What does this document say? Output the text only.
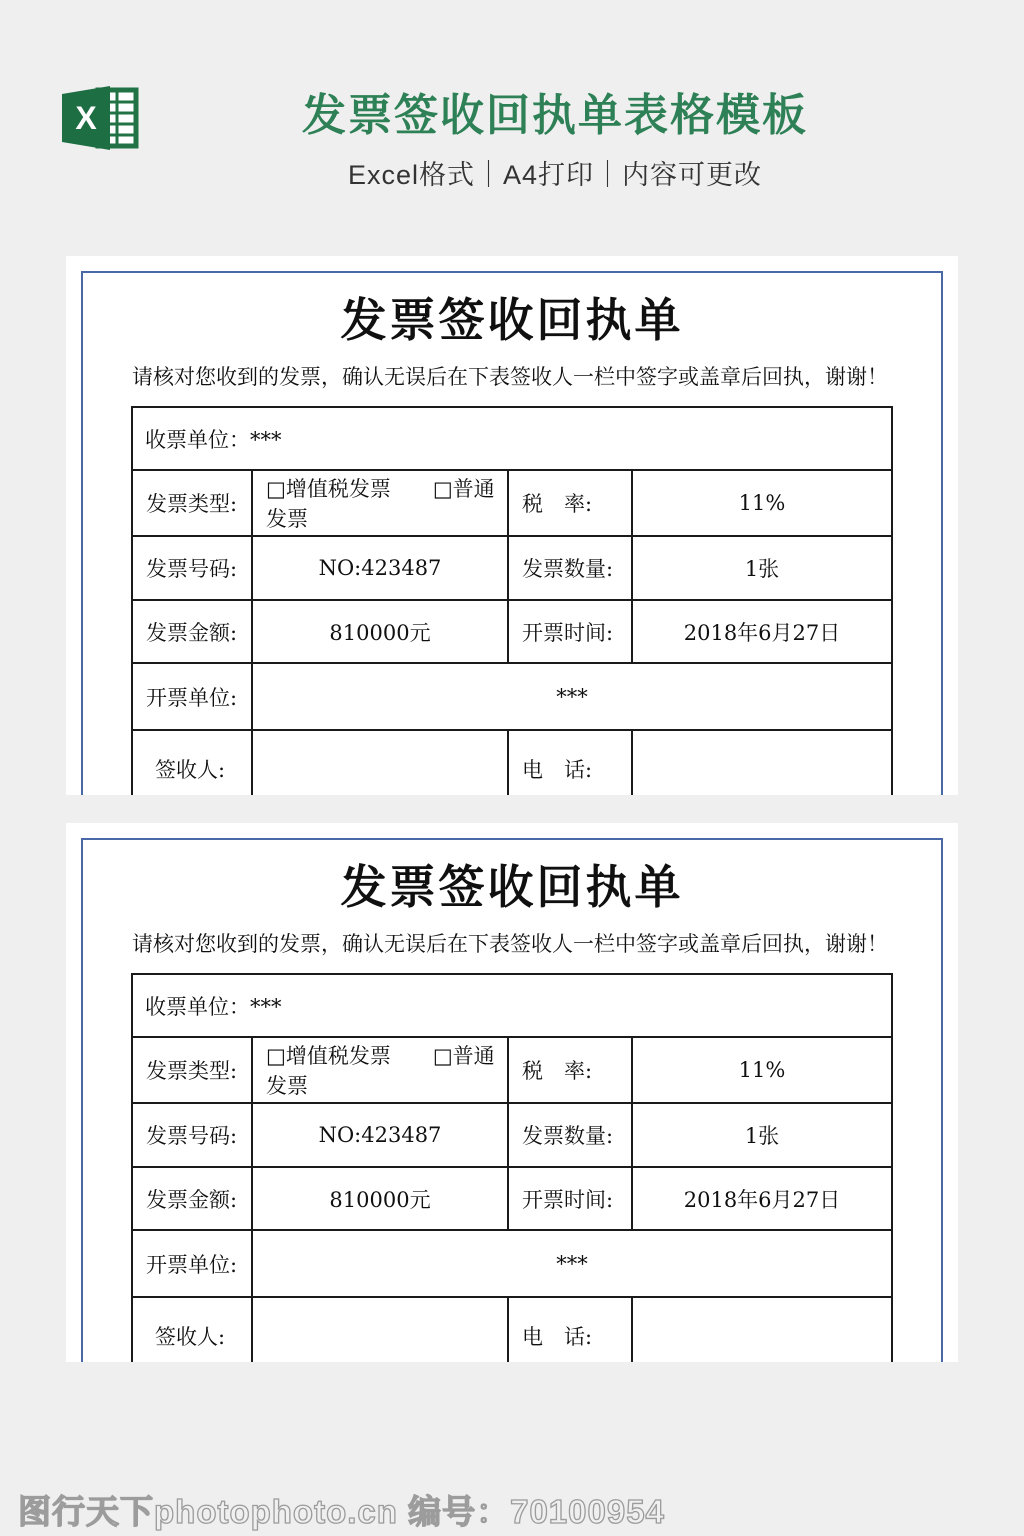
X	发票签收回执单表格模板
Excel格式｜A4打印｜内容可更改
发票签收回执单
请核对您收到的发票，确认无误后在下表签收人一栏中签字或盖章后回执，谢谢！
收票单位：***			
发票类型:	□增值税发票　　□普通发票	税　率:	11%
发票号码:	NO:423487	发票数量:	1张
发票金额:	810000元	开票时间:	2018年6月27日
开票单位:	***		
签收人:		电　话:	
发票签收回执单
请核对您收到的发票，确认无误后在下表签收人一栏中签字或盖章后回执，谢谢！
收票单位：***			
发票类型:	□增值税发票　　□普通发票	税　率:	11%
发票号码:	NO:423487	发票数量:	1张
发票金额:	810000元	开票时间:	2018年6月27日
开票单位:	***		
签收人:		电　话:	
图行天下photophoto.cn 编号：70100954
